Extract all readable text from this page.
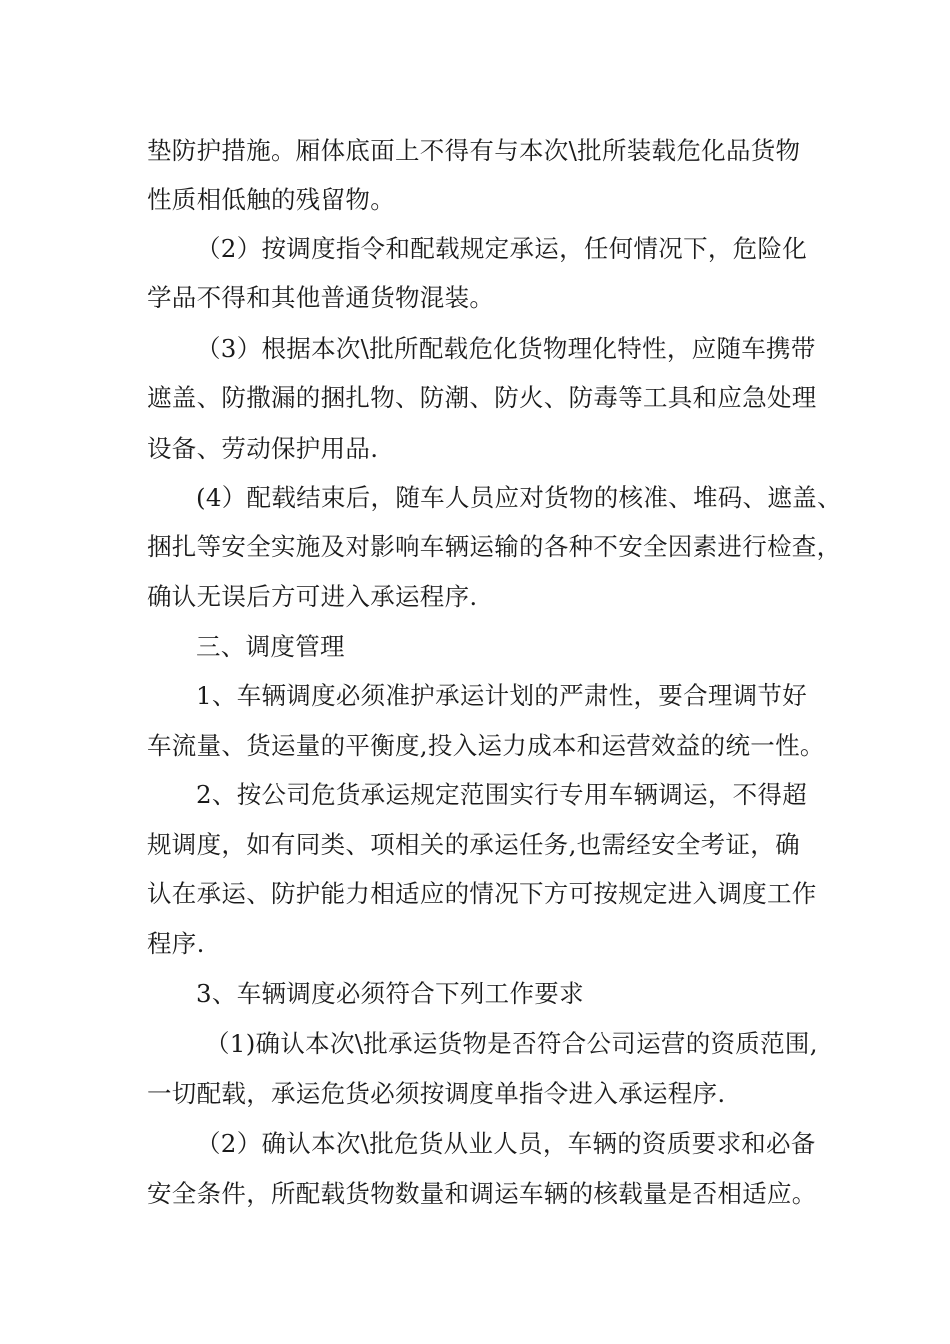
垫防护措施。厢体底面上不得有与本次\批所装载危化品货物

性质相低触的残留物。

（2）按调度指令和配载规定承运，任何情况下，危险化

学品不得和其他普通货物混装。

（3）根据本次\批所配载危化货物理化特性，应随车携带

遮盖、防撒漏的捆扎物、防潮、防火、防毒等工具和应急处理

设备、劳动保护用品.

(4）配载结束后，随车人员应对货物的核准、堆码、遮盖、

捆扎等安全实施及对影响车辆运输的各种不安全因素进行检查，

确认无误后方可进入承运程序.

三、调度管理

1、车辆调度必须准护承运计划的严肃性，要合理调节好

车流量、货运量的平衡度,投入运力成本和运营效益的统一性。

2、按公司危货承运规定范围实行专用车辆调运，不得超

规调度，如有同类、项相关的承运任务,也需经安全考证，确

认在承运、防护能力相适应的情况下方可按规定进入调度工作

程序.

3、车辆调度必须符合下列工作要求

（1)确认本次\批承运货物是否符合公司运营的资质范围,

一切配载，承运危货必须按调度单指令进入承运程序.

（2）确认本次\批危货从业人员，车辆的资质要求和必备

安全条件，所配载货物数量和调运车辆的核载量是否相适应。
